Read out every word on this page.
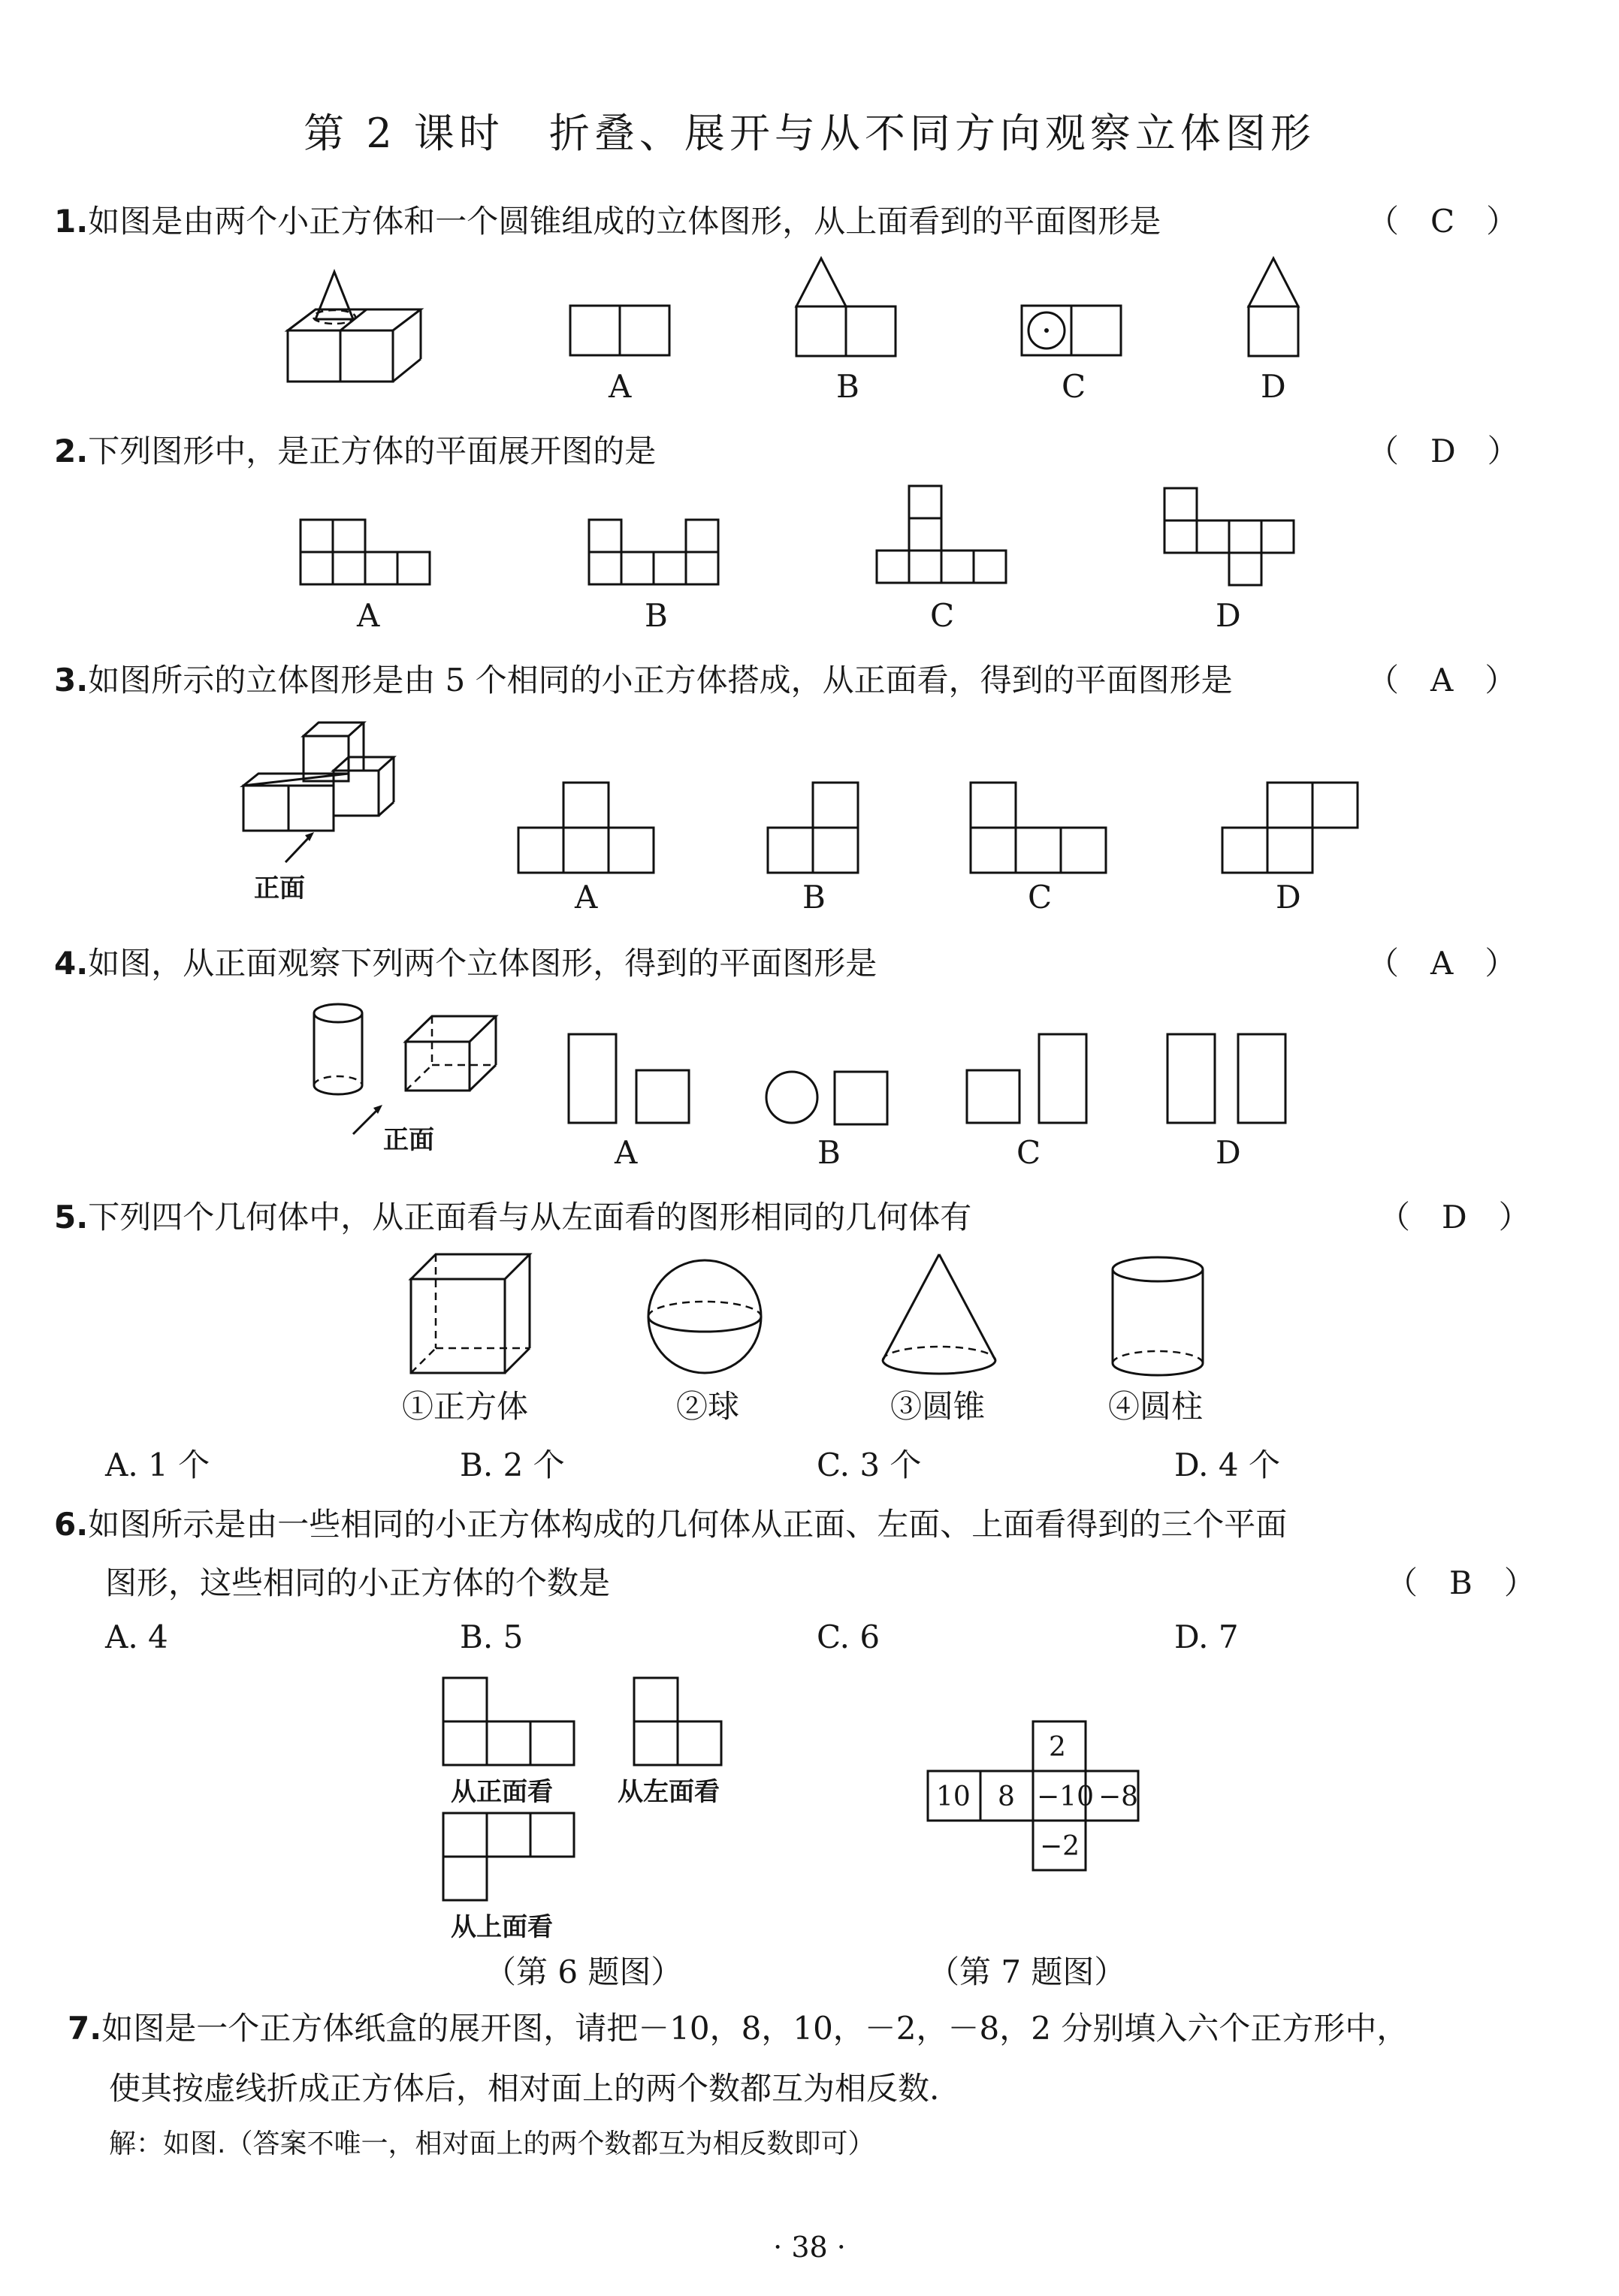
第 2 课时　折叠、展开与从不同方向观察立体图形
1.如图是由两个小正方体和一个圆锥组成的立体图形，从上面看到的平面图形是	（　C　）
A	B	C	D
2.下列图形中，是正方体的平面展开图的是	（　D　）
A	B	C	D
3.如图所示的立体图形是由 5 个相同的小正方体搭成，从正面看，得到的平面图形是	（　A　）
正面	A	B	C	D
4.如图，从正面观察下列两个立体图形，得到的平面图形是	（　A　）
正面	A	B	C	D
5.下列四个几何体中，从正面看与从左面看的图形相同的几何体有	（　D　）
①正方体	②球	③圆锥	④圆柱
A. 1 个	B. 2 个	C. 3 个	D. 4 个
6.如图所示是由一些相同的小正方体构成的几何体从正面、左面、上面看得到的三个平面
图形，这些相同的小正方体的个数是	（　B　）
A. 4	B. 5	C. 6	D. 7
从正面看	从左面看
从上面看
（第 6 题图）
2
10 8 −10 −8
−2
（第 7 题图）
7.如图是一个正方体纸盒的展开图，请把－10，8，10，－2，－8，2 分别填入六个正方形中，
使其按虚线折成正方体后，相对面上的两个数都互为相反数.
解：如图.（答案不唯一，相对面上的两个数都互为相反数即可）
· 38 ·
